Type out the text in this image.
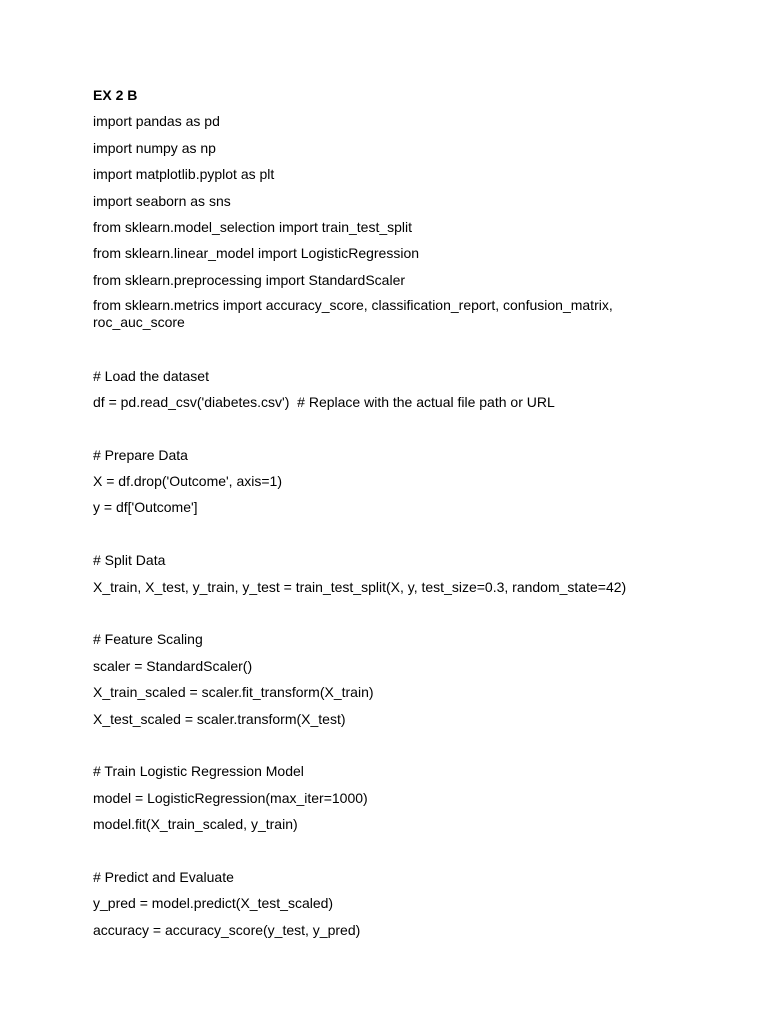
EX 2 B
import pandas as pd
import numpy as np
import matplotlib.pyplot as plt
import seaborn as sns
from sklearn.model_selection import train_test_split
from sklearn.linear_model import LogisticRegression
from sklearn.preprocessing import StandardScaler
from sklearn.metrics import accuracy_score, classification_report, confusion_matrix,
roc_auc_score
# Load the dataset
df = pd.read_csv('diabetes.csv')  # Replace with the actual file path or URL
# Prepare Data
X = df.drop('Outcome', axis=1)
y = df['Outcome']
# Split Data
X_train, X_test, y_train, y_test = train_test_split(X, y, test_size=0.3, random_state=42)
# Feature Scaling
scaler = StandardScaler()
X_train_scaled = scaler.fit_transform(X_train)
X_test_scaled = scaler.transform(X_test)
# Train Logistic Regression Model
model = LogisticRegression(max_iter=1000)
model.fit(X_train_scaled, y_train)
# Predict and Evaluate
y_pred = model.predict(X_test_scaled)
accuracy = accuracy_score(y_test, y_pred)
